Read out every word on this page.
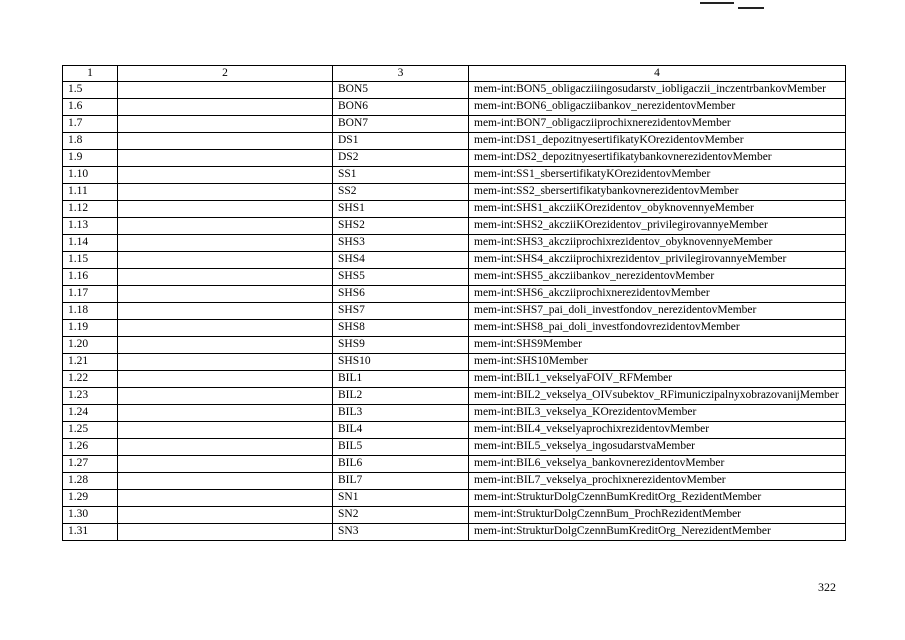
1	2	3	4
1.5		BON5	mem-int:BON5_obligacziiingosudarstv_iobligaczii_inczentrbankovMember
1.6		BON6	mem-int:BON6_obligacziibankov_nerezidentovMember
1.7		BON7	mem-int:BON7_obligacziiprochixnerezidentovMember
1.8		DS1	mem-int:DS1_depozitnyesertifikatyKOrezidentovMember
1.9		DS2	mem-int:DS2_depozitnyesertifikatybankovnerezidentovMember
1.10		SS1	mem-int:SS1_sbersertifikatyKOrezidentovMember
1.11		SS2	mem-int:SS2_sbersertifikatybankovnerezidentovMember
1.12		SHS1	mem-int:SHS1_akcziiKOrezidentov_obyknovennyeMember
1.13		SHS2	mem-int:SHS2_akcziiKOrezidentov_privilegirovannyeMember
1.14		SHS3	mem-int:SHS3_akcziiprochixrezidentov_obyknovennyeMember
1.15		SHS4	mem-int:SHS4_akcziiprochixrezidentov_privilegirovannyeMember
1.16		SHS5	mem-int:SHS5_akcziibankov_nerezidentovMember
1.17		SHS6	mem-int:SHS6_akcziiprochixnerezidentovMember
1.18		SHS7	mem-int:SHS7_pai_doli_investfondov_nerezidentovMember
1.19		SHS8	mem-int:SHS8_pai_doli_investfondovrezidentovMember
1.20		SHS9	mem-int:SHS9Member
1.21		SHS10	mem-int:SHS10Member
1.22		BIL1	mem-int:BIL1_vekselyaFOIV_RFMember
1.23		BIL2	mem-int:BIL2_vekselya_OIVsubektov_RFimuniczipalnyxobrazovanijMember
1.24		BIL3	mem-int:BIL3_vekselya_KOrezidentovMember
1.25		BIL4	mem-int:BIL4_vekselyaprochixrezidentovMember
1.26		BIL5	mem-int:BIL5_vekselya_ingosudarstvaMember
1.27		BIL6	mem-int:BIL6_vekselya_bankovnerezidentovMember
1.28		BIL7	mem-int:BIL7_vekselya_prochixnerezidentovMember
1.29		SN1	mem-int:StrukturDolgCzennBumKreditOrg_RezidentMember
1.30		SN2	mem-int:StrukturDolgCzennBum_ProchRezidentMember
1.31		SN3	mem-int:StrukturDolgCzennBumKreditOrg_NerezidentMember
322
